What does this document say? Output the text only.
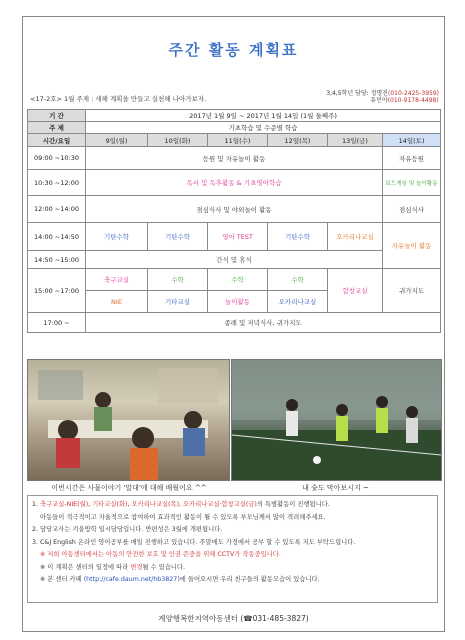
주간 활동 계획표
<17-2호> 1월 주제 : 새해 계획을 만들고 실천해 나아가보자.
3,4,5학년 담당: 정명진(010-2425-3959)
유민아(010-9178-4498)
기 간	2017년 1월 9일 ~ 2017년 1월 14일 (1월 둘째주)					
주 제	기초학습 및 수준별 학습					
시간/요일	9일(월)	10일(화)	11일(수)	12일(목)	13일(금)	14일(토)
09:00 ~10:30	등원 및 자유놀이 활동					자유등원
10:30 ~12:00	독서 및 독후활동 & 기초영어학습					보드게임 및 놀이활동
12:00 ~14:00	점심식사 및 야외놀이 활동					점심식사
14:00 ~14:50	기탄수학	기탄수학	영어 TEST	기탄수학	오카리나교실	자유놀이 활동
14:50 ~15:00	간식 및 휴식					
15:00 ~17:00	축구교실	수학	수학	수학	합창교실	귀가지도
	NIE	기타교실	놀이활동	오카리나교실		
17:00 ~	종례 및 저녁식사, 귀가지도					
이번시간은 사물이야기 '말대'에 대해 배웠어요 ^^	내 슛도 막아보시지 ~
1. 축구교실-NIE(월), 기타교실(화), 오카리나교실(목), 오카리나교실·합창교실(금)의 특별활동이 진행됩니다.
아동들이 적극적이고 자율적으로 참여하여 효과적인 활동이 될 수 있도록 부모님께서 많이 격려해주세요.
2. 담당교사는 겨울방학 일시담당입니다. 반편성은 3월에 개편됩니다.
3. C&J English 온라인 영어공부를 매일 진행하고 있습니다. 주말에도 가정에서 공부 할 수 있도록 지도 부탁드립니다.
※ 저희 아동센터에서는 아동의 안전한 보호 및 인권 존중을 위해 CCTV가 작동중입니다.
※ 이 계획은 센터의 일정에 따라 변경될 수 있습니다.
※ 본 센터 카페 (http://cafe.daum.net/hb3827)에 들어오시면 우리 친구들의 활동모습이 있습니다.
계양행복한지역아동센터 (☎031-485-3827)
